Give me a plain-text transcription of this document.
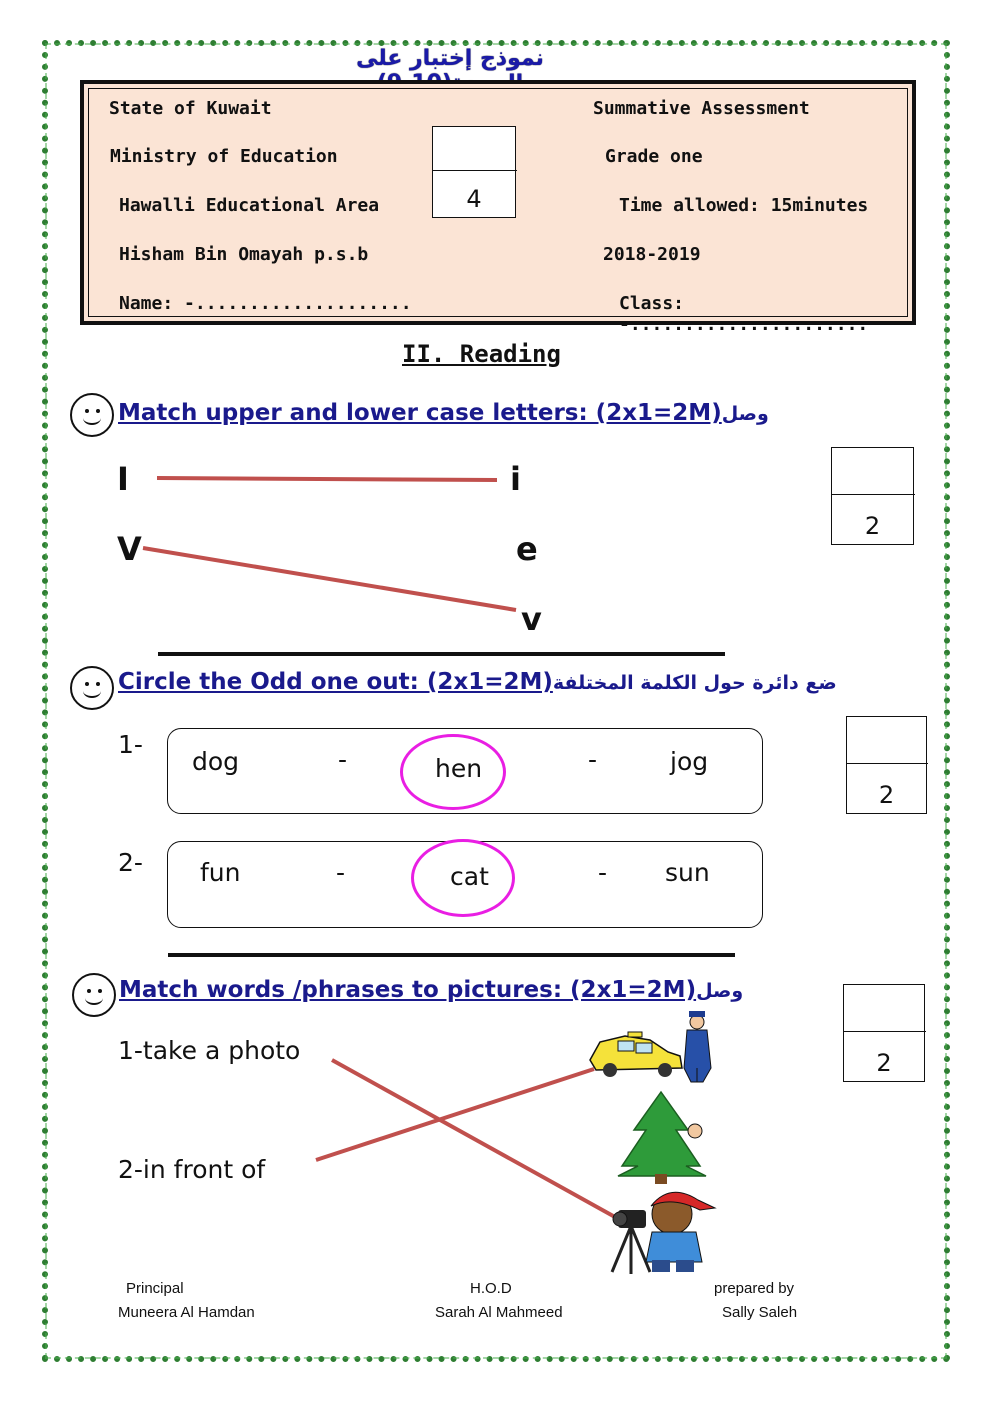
نموذج إختبار على
State of Kuwait
Ministry of Education
Hawalli Educational Area
Hisham Bin Omayah p.s.b
Name: -....................
Summative Assessment
Grade one
Time allowed: 15minutes
2018-2019
Class: -......................
4
II. Reading
Match upper and lower case letters: (2x1=2M)وصل
2
I
V
i
e
v
Circle the Odd one out: (2x1=2M)ضع دائرة حول الكلمة المختلفة
2
1-
dog	-	hen	-	jog
2- fun	-	cat	- sun
Match words /phrases to pictures: (2x1=2M)وصل
2
1-take a photo
2-in front of
Principal	H.O.D	prepared by
Muneera Al Hamdan	Sarah Al Mahmeed	Sally Saleh
